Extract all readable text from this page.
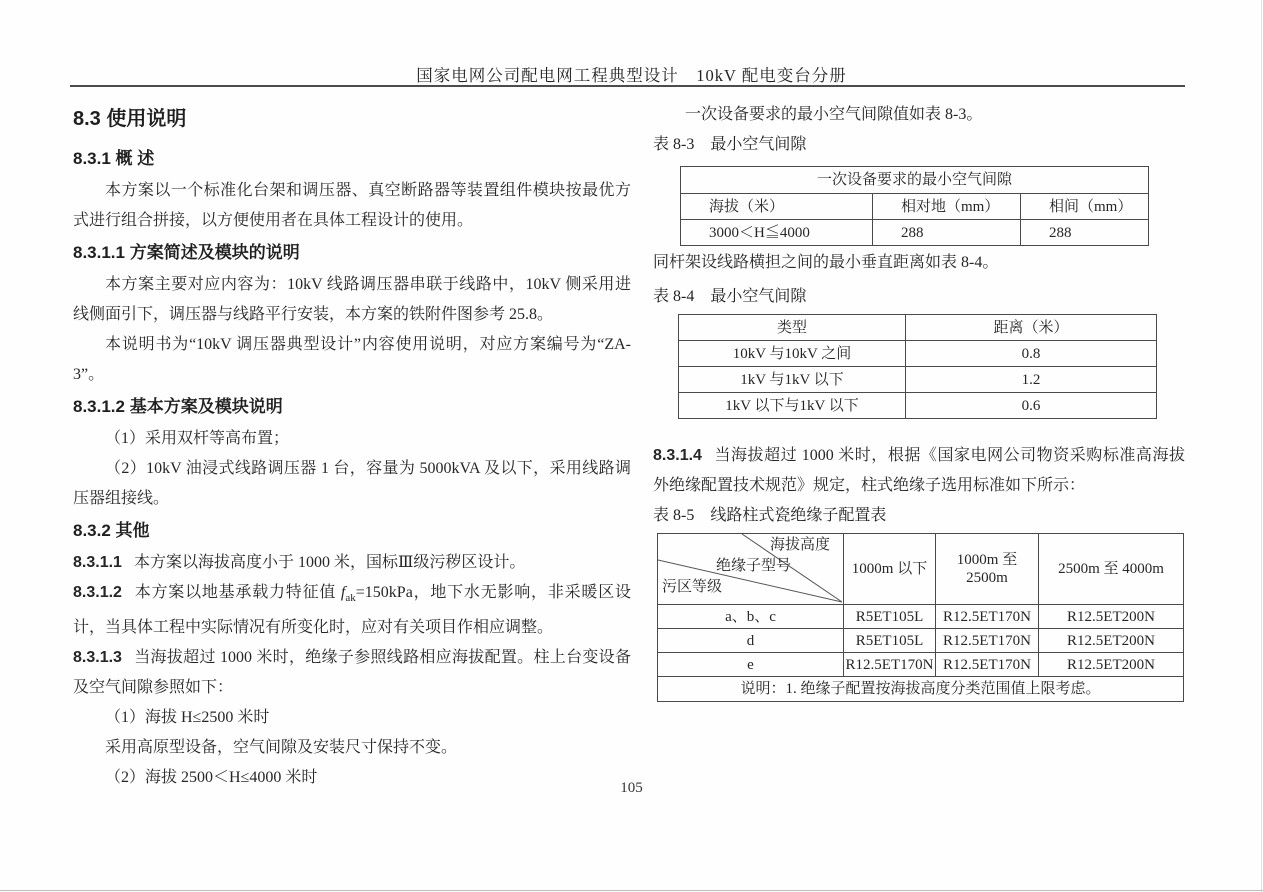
国家电网公司配电网工程典型设计　10kV 配电变台分册
8.3 使用说明
8.3.1 概 述

本方案以一个标准化台架和调压器、真空断路器等装置组件模块按最优方式进行组合拼接，以方便使用者在具体工程设计的使用。

8.3.1.1 方案简述及模块的说明

本方案主要对应内容为：10kV 线路调压器串联于线路中，10kV 侧采用进线侧面引下，调压器与线路平行安装，本方案的铁附件图参考 25.8。

本说明书为“10kV 调压器典型设计”内容使用说明，对应方案编号为“ZA-3”。

8.3.1.2 基本方案及模块说明

（1）采用双杆等高布置；

（2）10kV 油浸式线路调压器 1 台，容量为 5000kVA 及以下，采用线路调压器组接线。

8.3.2 其他

8.3.1.1 本方案以海拔高度小于 1000 米，国标Ⅲ级污秽区设计。

8.3.1.2 本方案以地基承载力特征值 $f_{ak}=150kPa$，地下水无影响，非采暖区设计，当具体工程中实际情况有所变化时，应对有关项目作相应调整。

8.3.1.3 当海拔超过 1000 米时，绝缘子参照线路相应海拔配置。柱上台变设备及空气间隙参照如下：

（1）海拔 H≤2500 米时

采用高原型设备，空气间隙及安装尺寸保持不变。

（2）海拔 2500＜H≤4000 米时

一次设备要求的最小空气间隙值如表 8-3。

表 8-3　最小空气间隙

一次设备要求的最小空气间隙		
海拔（米）	相对地（mm）	相间（mm）
3000＜H≦4000	288	288

同杆架设线路横担之间的最小垂直距离如表 8-4。

表 8-4　最小空气间隙

类型	距离（米）
10kV 与10kV 之间	0.8
1kV 与1kV 以下	1.2
1kV 以下与1kV 以下	0.6

8.3.1.4 当海拔超过 1000 米时，根据《国家电网公司物资采购标准高海拔外绝缘配置技术规范》规定，柱式绝缘子选用标准如下所示：

表 8-5　线路柱式瓷绝缘子配置表

海拔高度
绝缘子型号
污区等级	1000m 以下	1000m 至 2500m	2500m 至 4000m
a、b、c	R5ET105L	R12.5ET170N	R12.5ET200N
d	R5ET105L	R12.5ET170N	R12.5ET200N
e	R12.5ET170N	R12.5ET170N	R12.5ET200N
说明：1. 绝缘子配置按海拔高度分类范围值上限考虑。			
105
